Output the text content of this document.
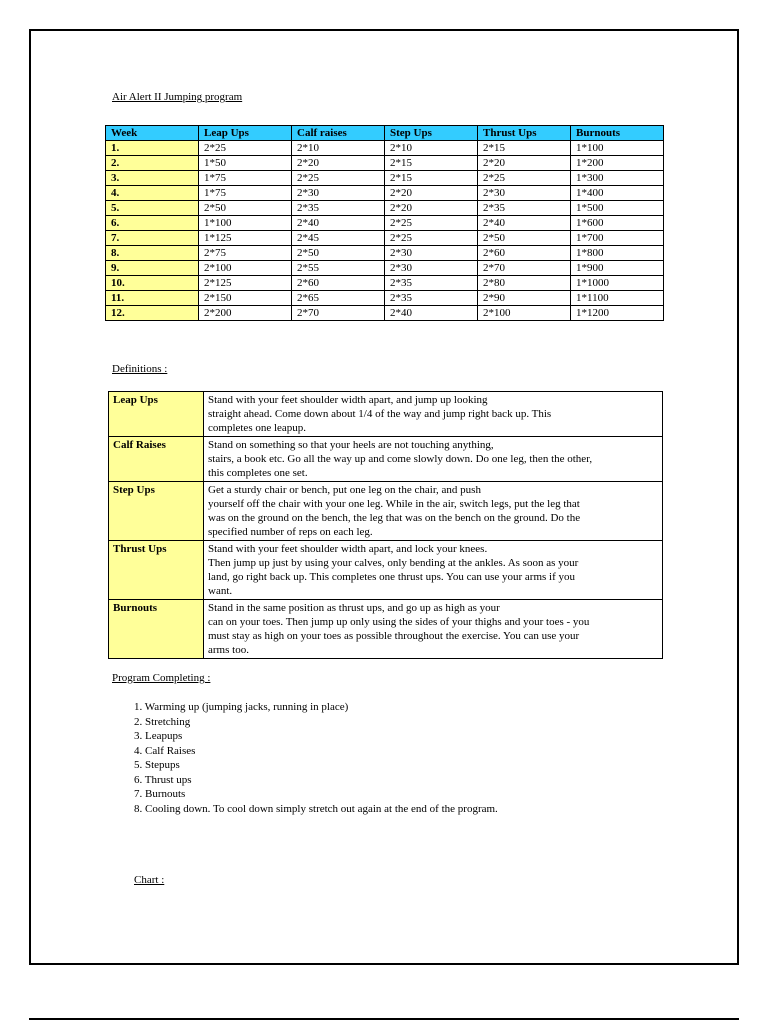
Air Alert II Jumping program
Week	Leap Ups	Calf raises	Step Ups	Thrust Ups	Burnouts
1.	2*25	2*10	2*10	2*15	1*100
2.	1*50	2*20	2*15	2*20	1*200
3.	1*75	2*25	2*15	2*25	1*300
4.	1*75	2*30	2*20	2*30	1*400
5.	2*50	2*35	2*20	2*35	1*500
6.	1*100	2*40	2*25	2*40	1*600
7.	1*125	2*45	2*25	2*50	1*700
8.	2*75	2*50	2*30	2*60	1*800
9.	2*100	2*55	2*30	2*70	1*900
10.	2*125	2*60	2*35	2*80	1*1000
11.	2*150	2*65	2*35	2*90	1*1100
12.	2*200	2*70	2*40	2*100	1*1200
Definitions :
Leap Ups	Stand with your feet shoulder width apart, and jump up looking
straight ahead. Come down about 1/4 of the way and jump right back up. This
completes one leapup.

Calf Raises	Stand on something so that your heels are not touching anything,
stairs, a book etc. Go all the way up and come slowly down. Do one leg, then the other,
this completes one set.

Step Ups	Get a sturdy chair or bench, put one leg on the chair, and push
yourself off the chair with your one leg. While in the air, switch legs, put the leg that
was on the ground on the bench, the leg that was on the bench on the ground. Do the
specified number of reps on each leg.

Thrust Ups	Stand with your feet shoulder width apart, and lock your knees.
Then jump up just by using your calves, only bending at the ankles. As soon as your
land, go right back up. This completes one thrust ups. You can use your arms if you
want.

Burnouts	Stand in the same position as thrust ups, and go up as high as your
can on your toes. Then jump up only using the sides of your thighs and your toes - you
must stay as high on your toes as possible throughout the exercise. You can use your
arms too.
Program Completing :
1. Warming up (jumping jacks, running in place)
2. Stretching
3. Leapups
4. Calf Raises
5. Stepups
6. Thrust ups
7. Burnouts
8. Cooling down. To cool down simply stretch out again at the end of the program.
Chart :
